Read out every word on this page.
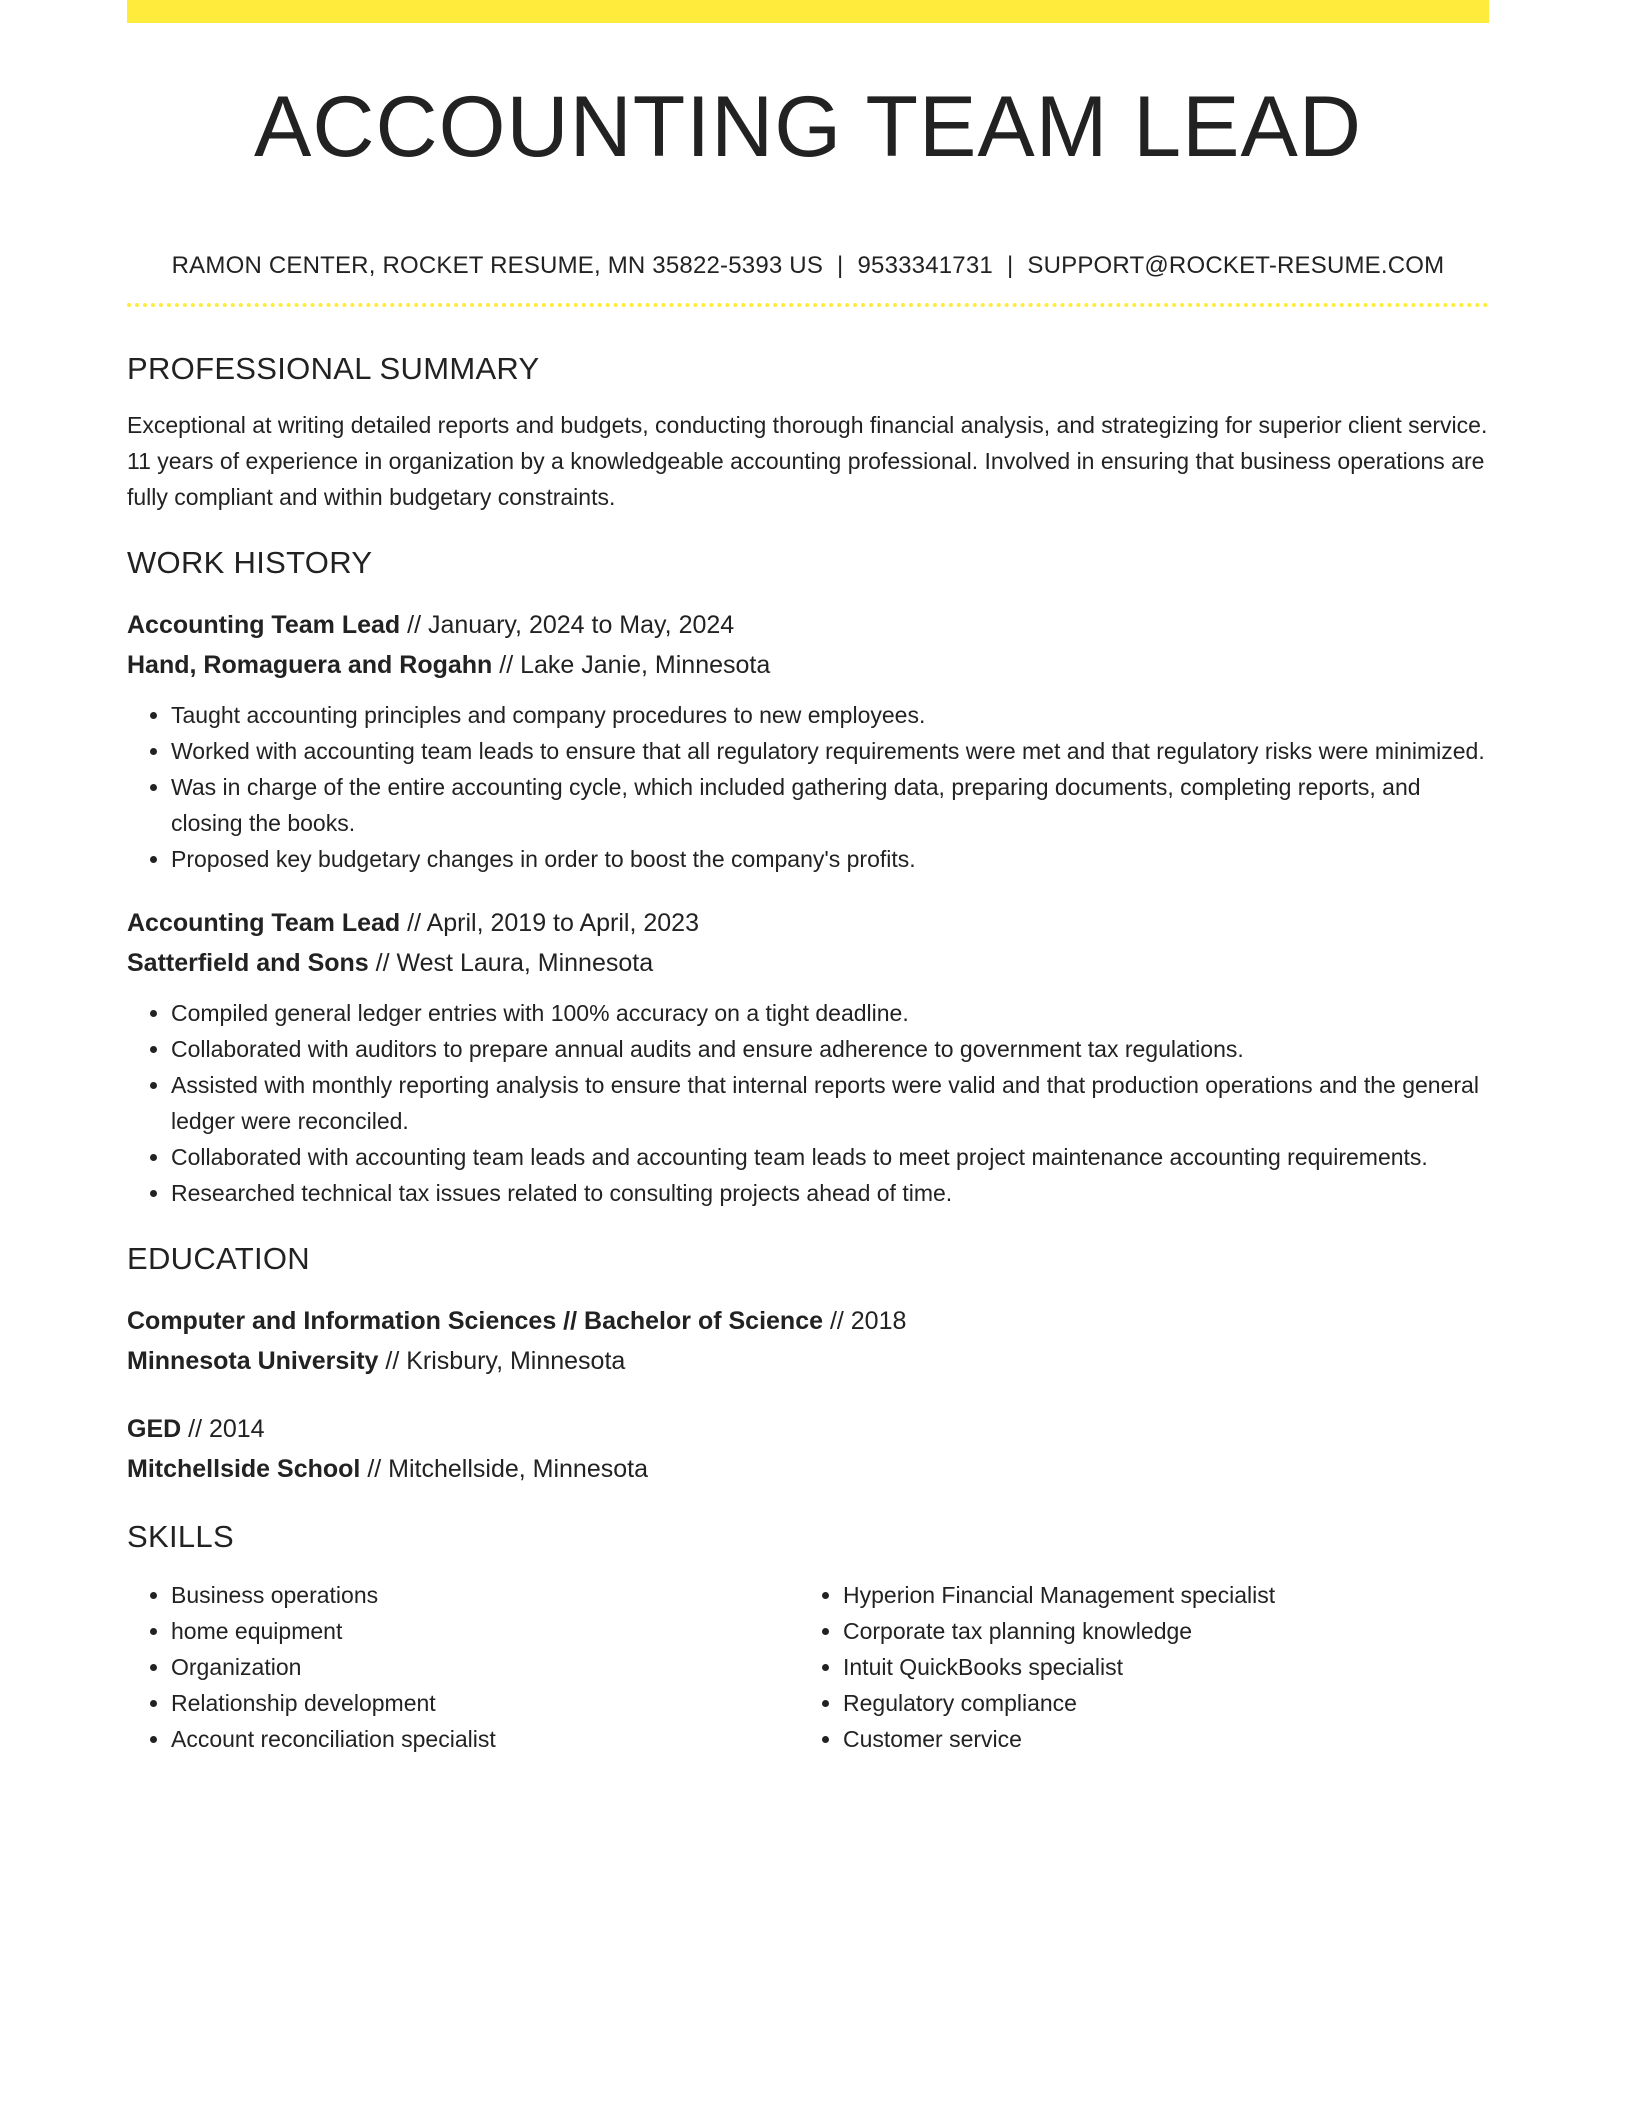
ACCOUNTING TEAM LEAD
RAMON CENTER, ROCKET RESUME, MN 35822-5393 US | 9533341731 | SUPPORT@ROCKET-RESUME.COM
PROFESSIONAL SUMMARY
Exceptional at writing detailed reports and budgets, conducting thorough financial analysis, and strategizing for superior client service. 11 years of experience in organization by a knowledgeable accounting professional. Involved in ensuring that business operations are fully compliant and within budgetary constraints.
WORK HISTORY
Accounting Team Lead // January, 2024 to May, 2024
Hand, Romaguera and Rogahn // Lake Janie, Minnesota
• Taught accounting principles and company procedures to new employees.
• Worked with accounting team leads to ensure that all regulatory requirements were met and that regulatory risks were minimized.
• Was in charge of the entire accounting cycle, which included gathering data, preparing documents, completing reports, and closing the books.
• Proposed key budgetary changes in order to boost the company's profits.
Accounting Team Lead // April, 2019 to April, 2023
Satterfield and Sons // West Laura, Minnesota
• Compiled general ledger entries with 100% accuracy on a tight deadline.
• Collaborated with auditors to prepare annual audits and ensure adherence to government tax regulations.
• Assisted with monthly reporting analysis to ensure that internal reports were valid and that production operations and the general ledger were reconciled.
• Collaborated with accounting team leads and accounting team leads to meet project maintenance accounting requirements.
• Researched technical tax issues related to consulting projects ahead of time.
EDUCATION
Computer and Information Sciences // Bachelor of Science // 2018
Minnesota University // Krisbury, Minnesota
GED // 2014
Mitchellside School // Mitchellside, Minnesota
SKILLS
• Business operations
• home equipment
• Organization
• Relationship development
• Account reconciliation specialist
• Hyperion Financial Management specialist
• Corporate tax planning knowledge
• Intuit QuickBooks specialist
• Regulatory compliance
• Customer service
